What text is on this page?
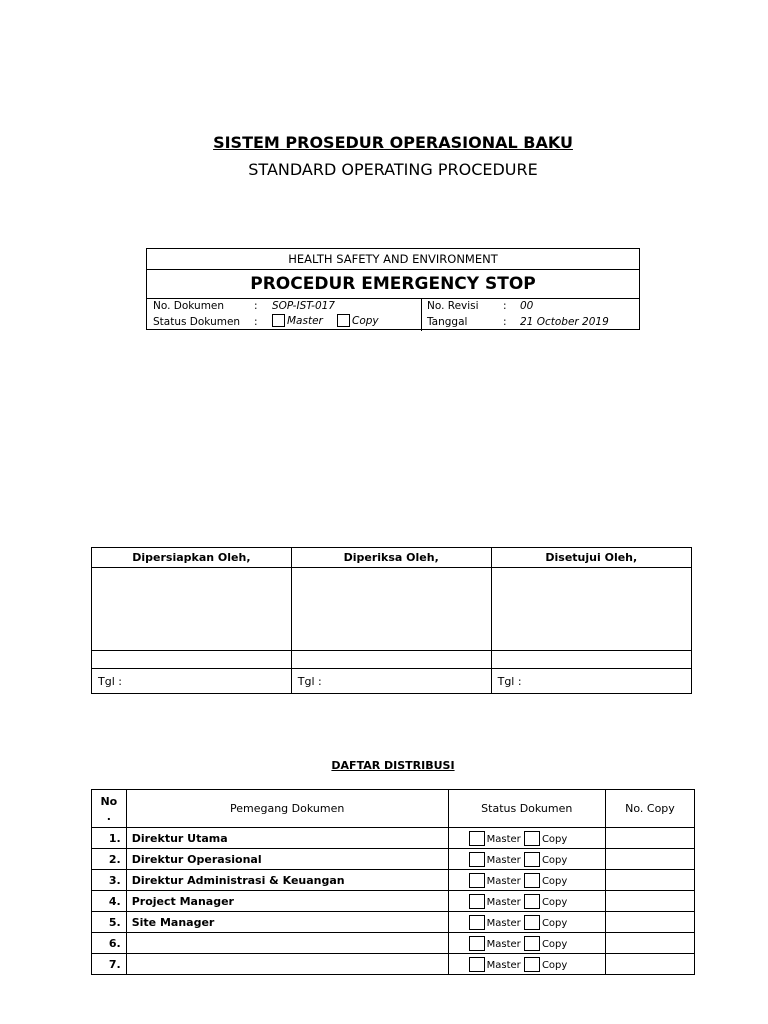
SISTEM PROSEDUR OPERASIONAL BAKU
STANDARD OPERATING PROCEDURE
HEALTH SAFETY AND ENVIRONMENT
PROCEDUR EMERGENCY STOP
No. Dokumen	: SOP-IST-017
Status Dokumen :	Master	Copy
No. Revisi : 00
Tanggal	: 21 October 2019
Dipersiapkan Oleh,	Diperiksa Oleh,	Disetujui Oleh,

Tgl :	Tgl :	Tgl :
DAFTAR DISTRIBUSI
No
.	Pemegang Dokumen	Status Dokumen	No. Copy
1.	Direktur Utama	Master Copy	
2.	Direktur Operasional	Master Copy	
3.	Direktur Administrasi & Keuangan	Master Copy	
4.	Project Manager	Master Copy	
5.	Site Manager	Master Copy	
6.		Master Copy	
7.		Master Copy	
